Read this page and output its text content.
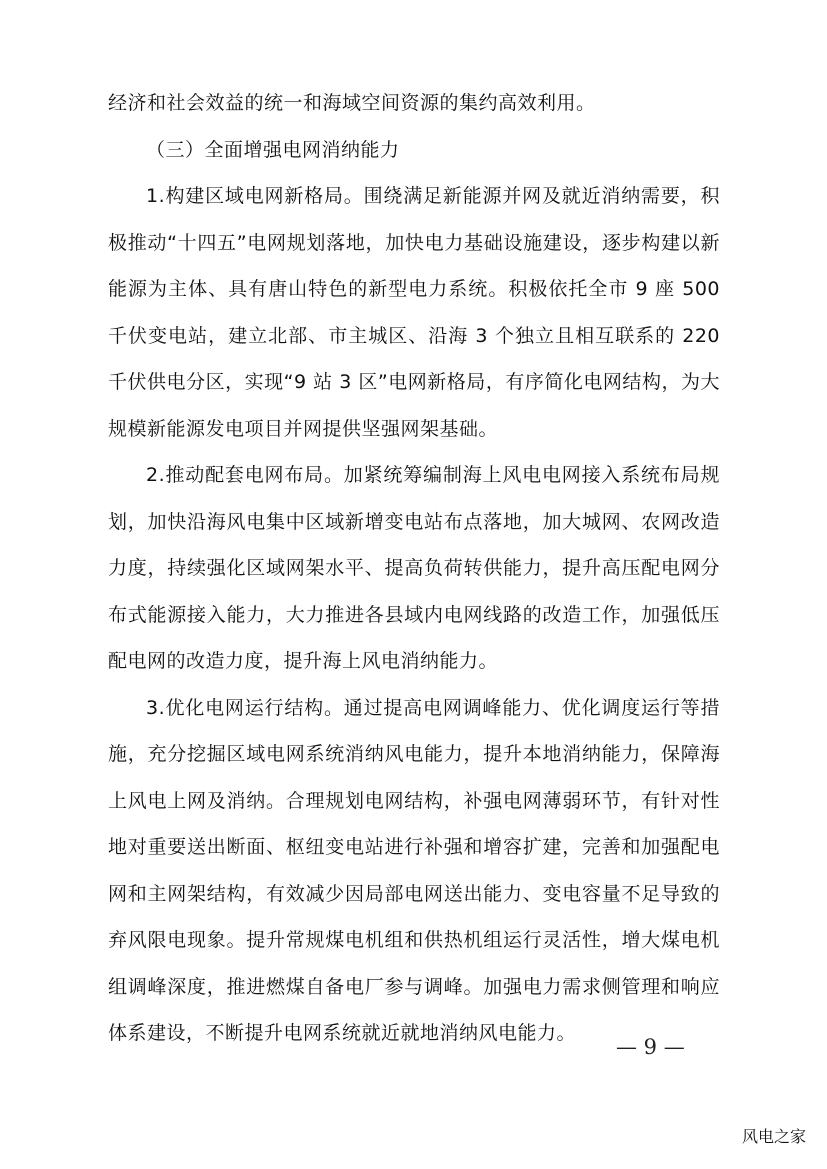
经济和社会效益的统一和海域空间资源的集约高效利用。

（三）全面增强电网消纳能力

1.构建区域电网新格局。围绕满足新能源并网及就近消纳需要，积极推动“十四五”电网规划落地，加快电力基础设施建设，逐步构建以新能源为主体、具有唐山特色的新型电力系统。积极依托全市 9 座 500 千伏变电站，建立北部、市主城区、沿海 3 个独立且相互联系的 220 千伏供电分区，实现“9 站 3 区”电网新格局，有序简化电网结构，为大规模新能源发电项目并网提供坚强网架基础。

2.推动配套电网布局。加紧统筹编制海上风电电网接入系统布局规划，加快沿海风电集中区域新增变电站布点落地，加大城网、农网改造力度，持续强化区域网架水平、提高负荷转供能力，提升高压配电网分布式能源接入能力，大力推进各县域内电网线路的改造工作，加强低压配电网的改造力度，提升海上风电消纳能力。

3.优化电网运行结构。通过提高电网调峰能力、优化调度运行等措施，充分挖掘区域电网系统消纳风电能力，提升本地消纳能力，保障海上风电上网及消纳。合理规划电网结构，补强电网薄弱环节，有针对性地对重要送出断面、枢纽变电站进行补强和增容扩建，完善和加强配电网和主网架结构，有效减少因局部电网送出能力、变电容量不足导致的弃风限电现象。提升常规煤电机组和供热机组运行灵活性，增大煤电机组调峰深度，推进燃煤自备电厂参与调峰。加强电力需求侧管理和响应体系建设，不断提升电网系统就近就地消纳风电能力。

— 9 —
风电之家
